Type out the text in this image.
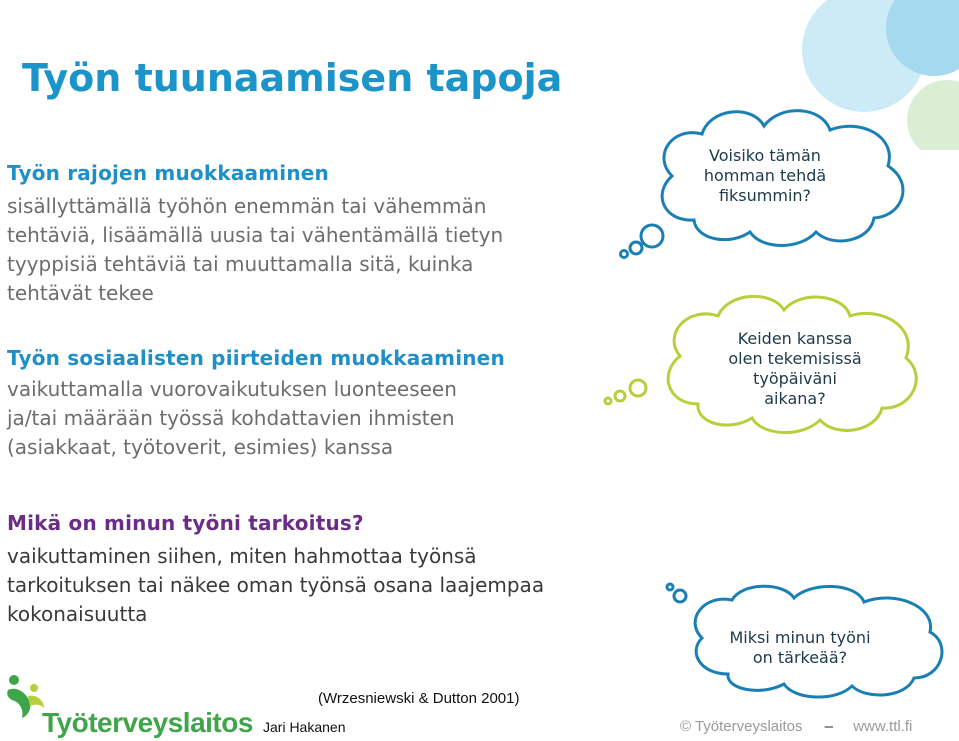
Työn tuunaamisen tapoja

Työn rajojen muokkaaminen

sisällyttämällä työhön enemmän tai vähemmän
tehtäviä, lisäämällä uusia tai vähentämällä tietyn
tyyppisiä tehtäviä tai muuttamalla sitä, kuinka
tehtävät tekee

Työn sosiaalisten piirteiden muokkaaminen

vaikuttamalla vuorovaikutuksen luonteeseen
ja/tai määrään työssä kohdattavien ihmisten
(asiakkaat, työtoverit, esimies) kanssa

Mikä on minun työni tarkoitus?

vaikuttaminen siihen, miten hahmottaa työnsä
tarkoituksen tai näkee oman työnsä osana laajempaa
kokonaisuutta

Voisiko tämän
homman tehdä
fiksummin?
Keiden kanssa
olen tekemisissä
työpäiväni
aikana?
Miksi minun työni
on tärkeää?
(Wrzesniewski & Dutton 2001)
Jari Hakanen	© Työterveyslaitos – www.ttl.fi
Työterveyslaitos
